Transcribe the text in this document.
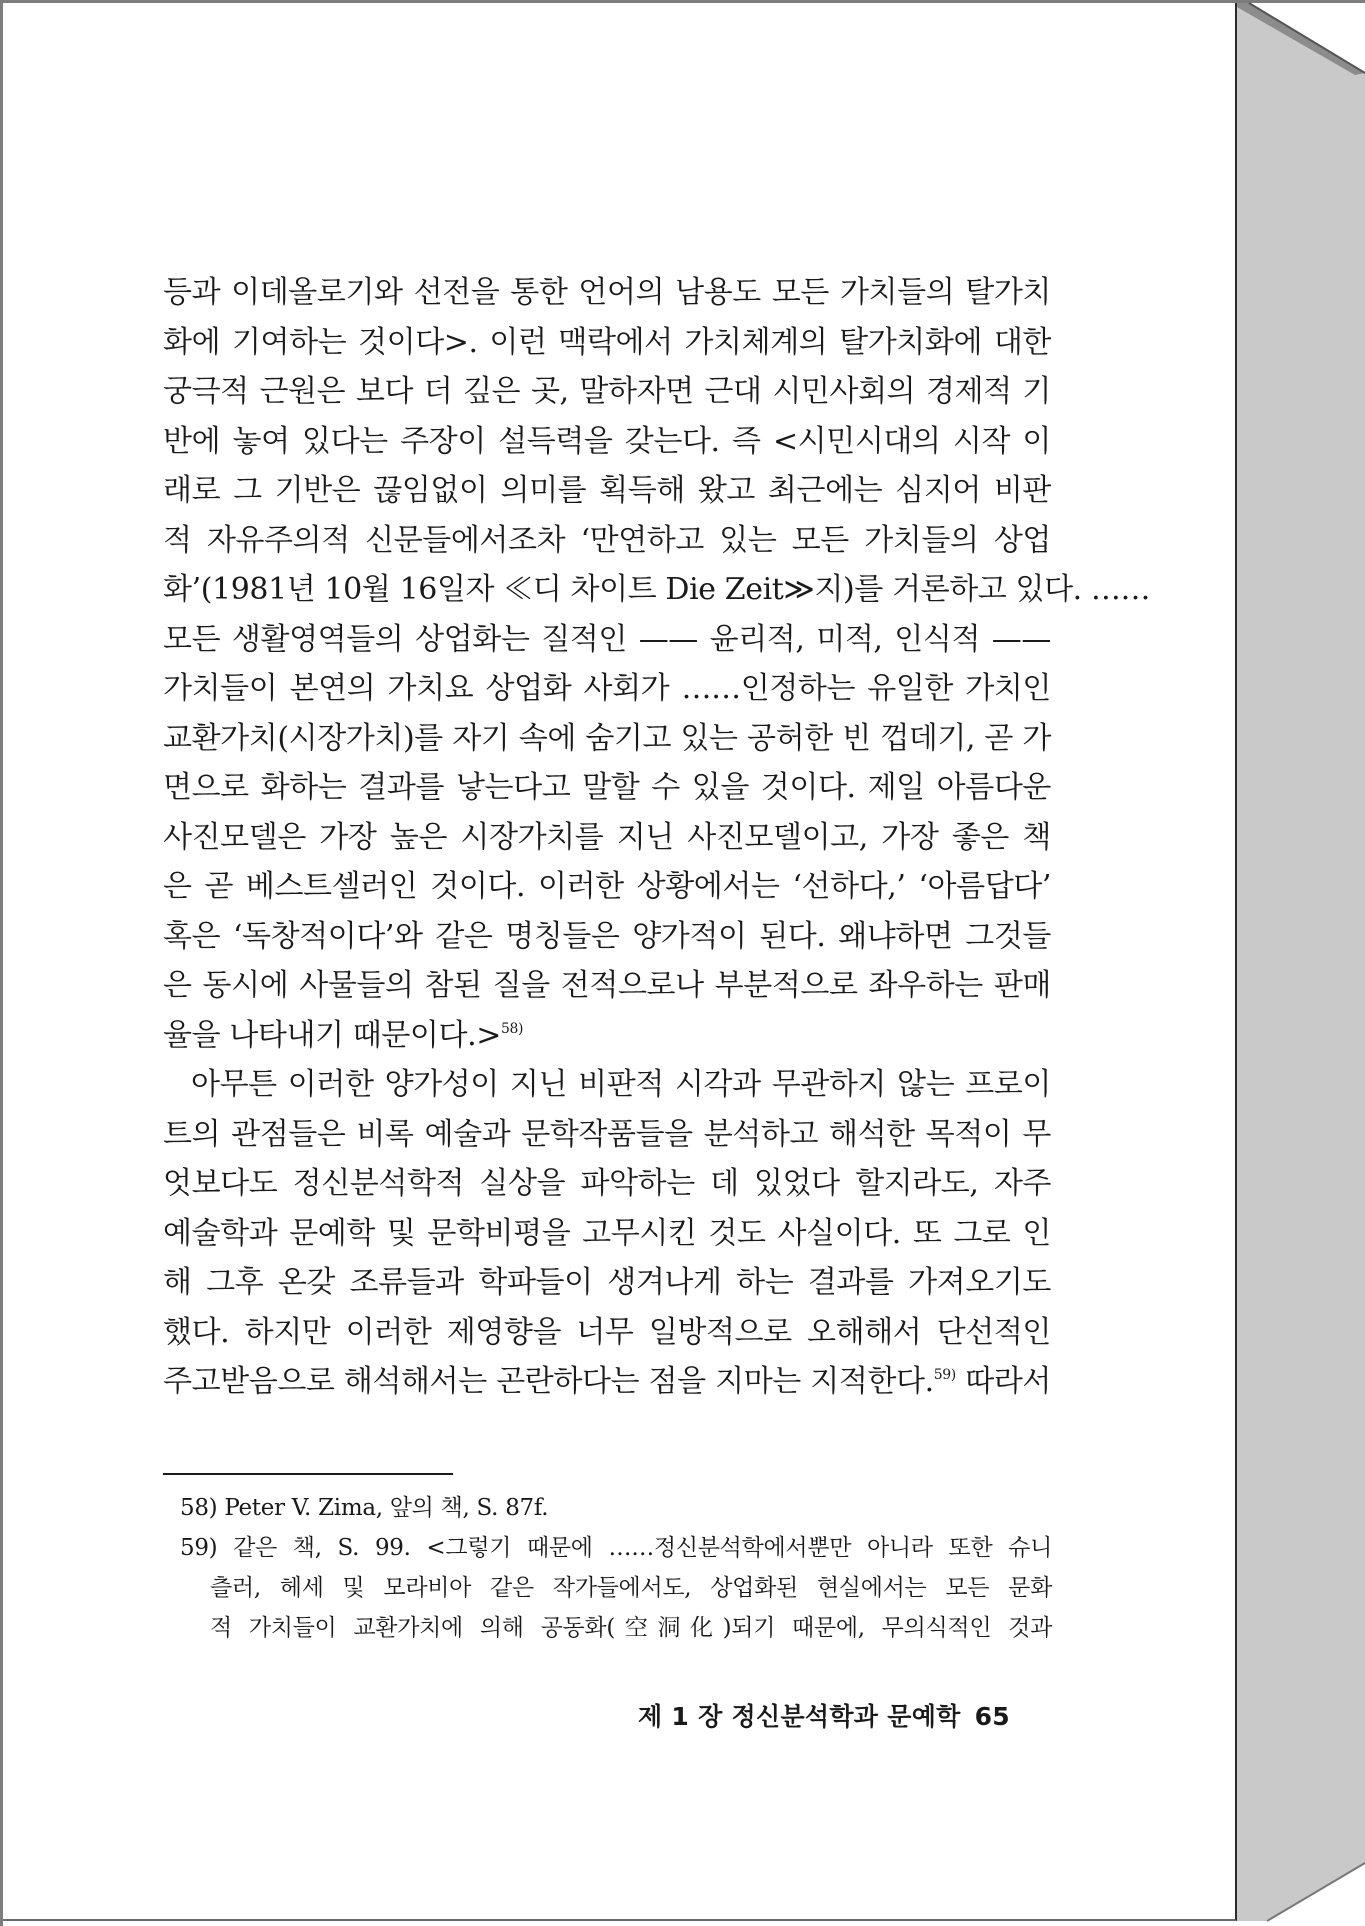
등과 이데올로기와 선전을 통한 언어의 남용도 모든 가치들의 탈가치
화에 기여하는 것이다>. 이런 맥락에서 가치체계의 탈가치화에 대한
궁극적 근원은 보다 더 깊은 곳, 말하자면 근대 시민사회의 경제적 기
반에 놓여 있다는 주장이 설득력을 갖는다. 즉 <시민시대의 시작 이
래로 그 기반은 끊임없이 의미를 획득해 왔고 최근에는 심지어 비판
적 자유주의적 신문들에서조차 ‘만연하고 있는 모든 가치들의 상업
화’(1981년 10월 16일자 ≪디 차이트 Die Zeit≫지)를 거론하고 있다. ……
모든 생활영역들의 상업화는 질적인 —— 윤리적, 미적, 인식적 ——
가치들이 본연의 가치요 상업화 사회가 ……인정하는 유일한 가치인
교환가치(시장가치)를 자기 속에 숨기고 있는 공허한 빈 껍데기, 곧 가
면으로 화하는 결과를 낳는다고 말할 수 있을 것이다. 제일 아름다운
사진모델은 가장 높은 시장가치를 지닌 사진모델이고, 가장 좋은 책
은 곧 베스트셀러인 것이다. 이러한 상황에서는 ‘선하다,’ ‘아름답다’
혹은 ‘독창적이다’와 같은 명칭들은 양가적이 된다. 왜냐하면 그것들
은 동시에 사물들의 참된 질을 전적으로나 부분적으로 좌우하는 판매
율을 나타내기 때문이다.>$^{58)}$
아무튼 이러한 양가성이 지닌 비판적 시각과 무관하지 않는 프로이
트의 관점들은 비록 예술과 문학작품들을 분석하고 해석한 목적이 무
엇보다도 정신분석학적 실상을 파악하는 데 있었다 할지라도, 자주
예술학과 문예학 및 문학비평을 고무시킨 것도 사실이다. 또 그로 인
해 그후 온갖 조류들과 학파들이 생겨나게 하는 결과를 가져오기도
했다. 하지만 이러한 제영향을 너무 일방적으로 오해해서 단선적인
주고받음으로 해석해서는 곤란하다는 점을 지마는 지적한다.$^{59)}$ 따라서
58) Peter V. Zima, 앞의 책, S. 87f.
59) 같은 책, S. 99. <그렇기 때문에 ……정신분석학에서뿐만 아니라 또한 슈니
츨러, 헤세 및 모라비아 같은 작가들에서도, 상업화된 현실에서는 모든 문화
적 가치들이 교환가치에 의해 공동화(空洞化)되기 때문에, 무의식적인 것과
제 1 장 정신분석학과 문예학 65
